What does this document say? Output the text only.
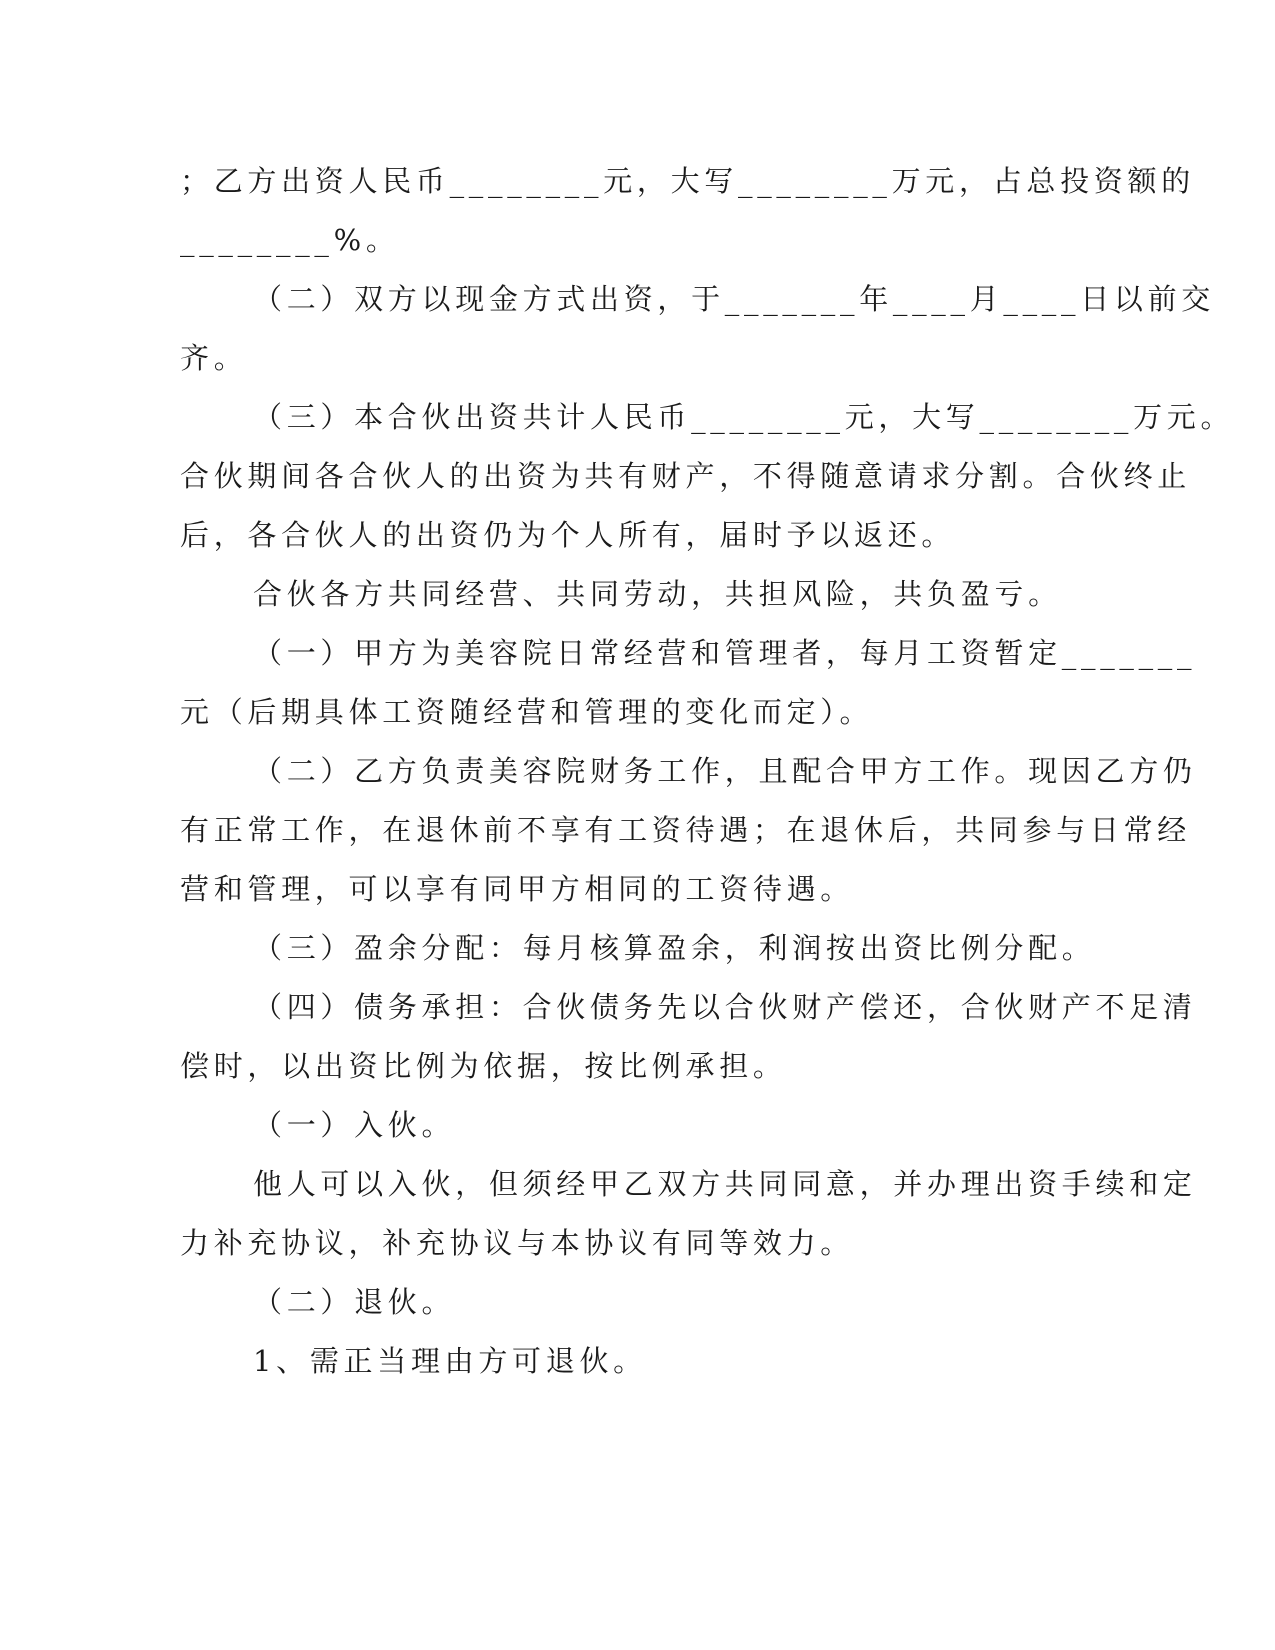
；乙方出资人民币________元，大写________万元，占总投资额的
________%。
（二）双方以现金方式出资，于_______年____月____日以前交
齐。
（三）本合伙出资共计人民币________元，大写________万元。
合伙期间各合伙人的出资为共有财产，不得随意请求分割。合伙终止
后，各合伙人的出资仍为个人所有，届时予以返还。
合伙各方共同经营、共同劳动，共担风险，共负盈亏。
（一）甲方为美容院日常经营和管理者，每月工资暂定_______
元（后期具体工资随经营和管理的变化而定）。
（二）乙方负责美容院财务工作，且配合甲方工作。现因乙方仍
有正常工作，在退休前不享有工资待遇；在退休后，共同参与日常经
营和管理，可以享有同甲方相同的工资待遇。
（三）盈余分配：每月核算盈余，利润按出资比例分配。
（四）债务承担：合伙债务先以合伙财产偿还，合伙财产不足清
偿时，以出资比例为依据，按比例承担。
（一）入伙。
他人可以入伙，但须经甲乙双方共同同意，并办理出资手续和定
力补充协议，补充协议与本协议有同等效力。
（二）退伙。
1、需正当理由方可退伙。
